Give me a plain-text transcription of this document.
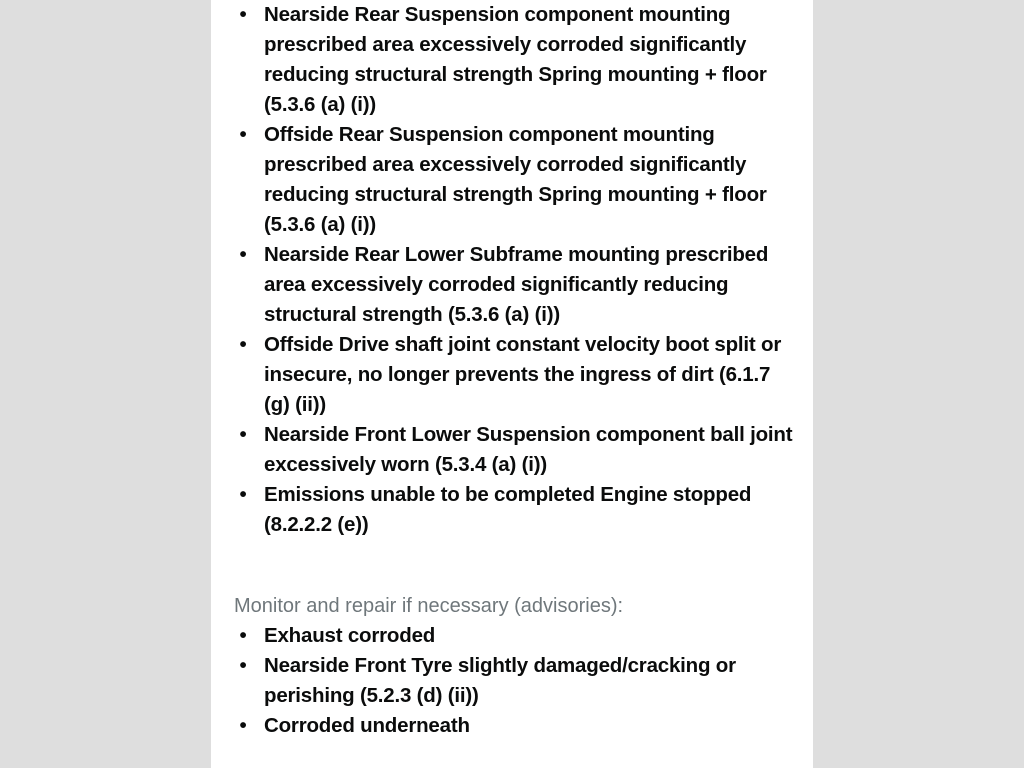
• Nearside Rear Suspension component mounting prescribed area excessively corroded significantly reducing structural strength Spring mounting + floor (5.3.6 (a) (i))
• Offside Rear Suspension component mounting prescribed area excessively corroded significantly reducing structural strength Spring mounting + floor (5.3.6 (a) (i))
• Nearside Rear Lower Subframe mounting prescribed area excessively corroded significantly reducing structural strength (5.3.6 (a) (i))
• Offside Drive shaft joint constant velocity boot split or insecure, no longer prevents the ingress of dirt (6.1.7 (g) (ii))
• Nearside Front Lower Suspension component ball joint excessively worn (5.3.4 (a) (i))
• Emissions unable to be completed Engine stopped (8.2.2.2 (e))
Monitor and repair if necessary (advisories):
• Exhaust corroded
• Nearside Front Tyre slightly damaged/cracking or perishing (5.2.3 (d) (ii))
• Corroded underneath
